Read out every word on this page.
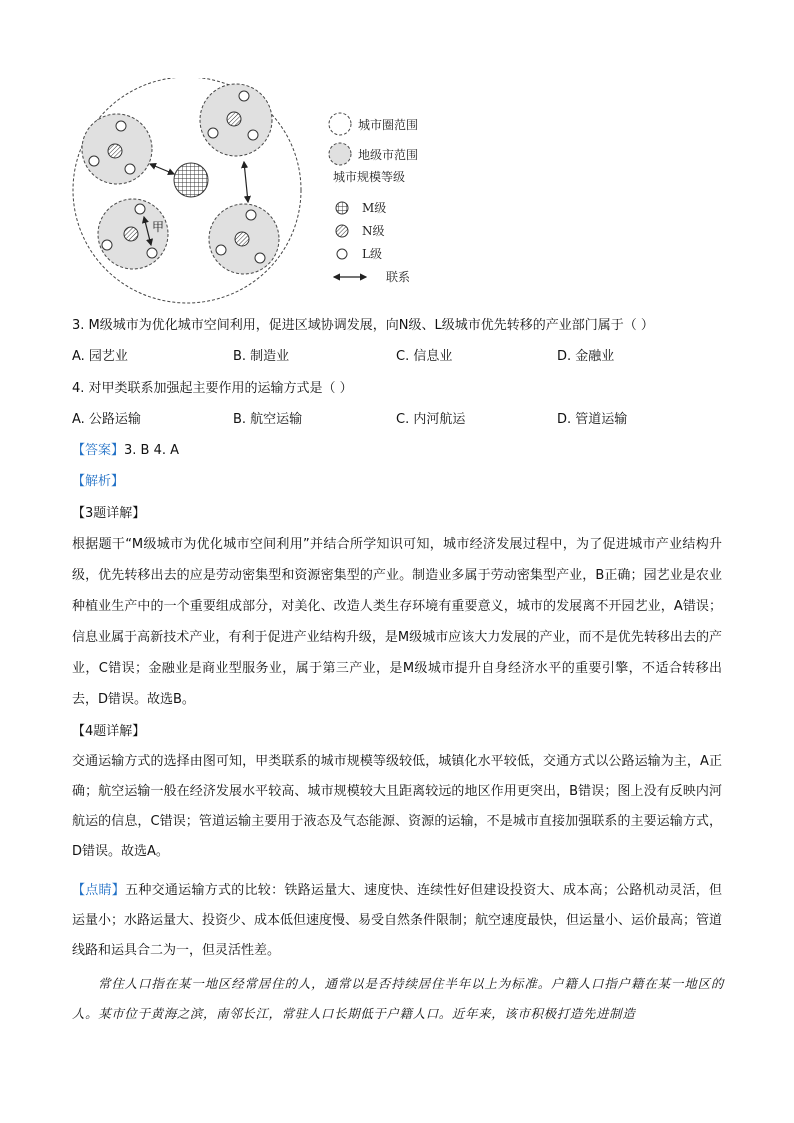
甲
城市圈范围
地级市范围
城市规模等级
M级
N级
L级
联系
3. M级城市为优化城市空间利用，促进区域协调发展，向N级、L级城市优先转移的产业部门属于（ ）
A. 园艺业	B. 制造业	C. 信息业	D. 金融业
4. 对甲类联系加强起主要作用的运输方式是（ ）
A. 公路运输	B. 航空运输	C. 内河航运	D. 管道运输
【答案】3. B 4. A
【解析】
【3题详解】
根据题干“M级城市为优化城市空间利用”并结合所学知识可知，城市经济发展过程中，为了促进城市产业结构升级，优先转移出去的应是劳动密集型和资源密集型的产业。制造业多属于劳动密集型产业，B正确；园艺业是农业种植业生产中的一个重要组成部分，对美化、改造人类生存环境有重要意义，城市的发展离不开园艺业，A错误；信息业属于高新技术产业，有利于促进产业结构升级，是M级城市应该大力发展的产业，而不是优先转移出去的产业，C错误；金融业是商业型服务业，属于第三产业，是M级城市提升自身经济水平的重要引擎，不适合转移出去，D错误。故选B。
【4题详解】
交通运输方式的选择由图可知，甲类联系的城市规模等级较低，城镇化水平较低，交通方式以公路运输为主，A正确；航空运输一般在经济发展水平较高、城市规模较大且距离较远的地区作用更突出，B错误；图上没有反映内河航运的信息，C错误；管道运输主要用于液态及气态能源、资源的运输，不是城市直接加强联系的主要运输方式，D错误。故选A。
【点睛】五种交通运输方式的比较：铁路运量大、速度快、连续性好但建设投资大、成本高；公路机动灵活，但运量小；水路运量大、投资少、成本低但速度慢、易受自然条件限制；航空速度最快，但运量小、运价最高；管道线路和运具合二为一，但灵活性差。
常住人口指在某一地区经常居住的人，通常以是否持续居住半年以上为标准。户籍人口指户籍在某一地区的人。某市位于黄海之滨，南邻长江，常驻人口长期低于户籍人口。近年来，该市积极打造先进制造
